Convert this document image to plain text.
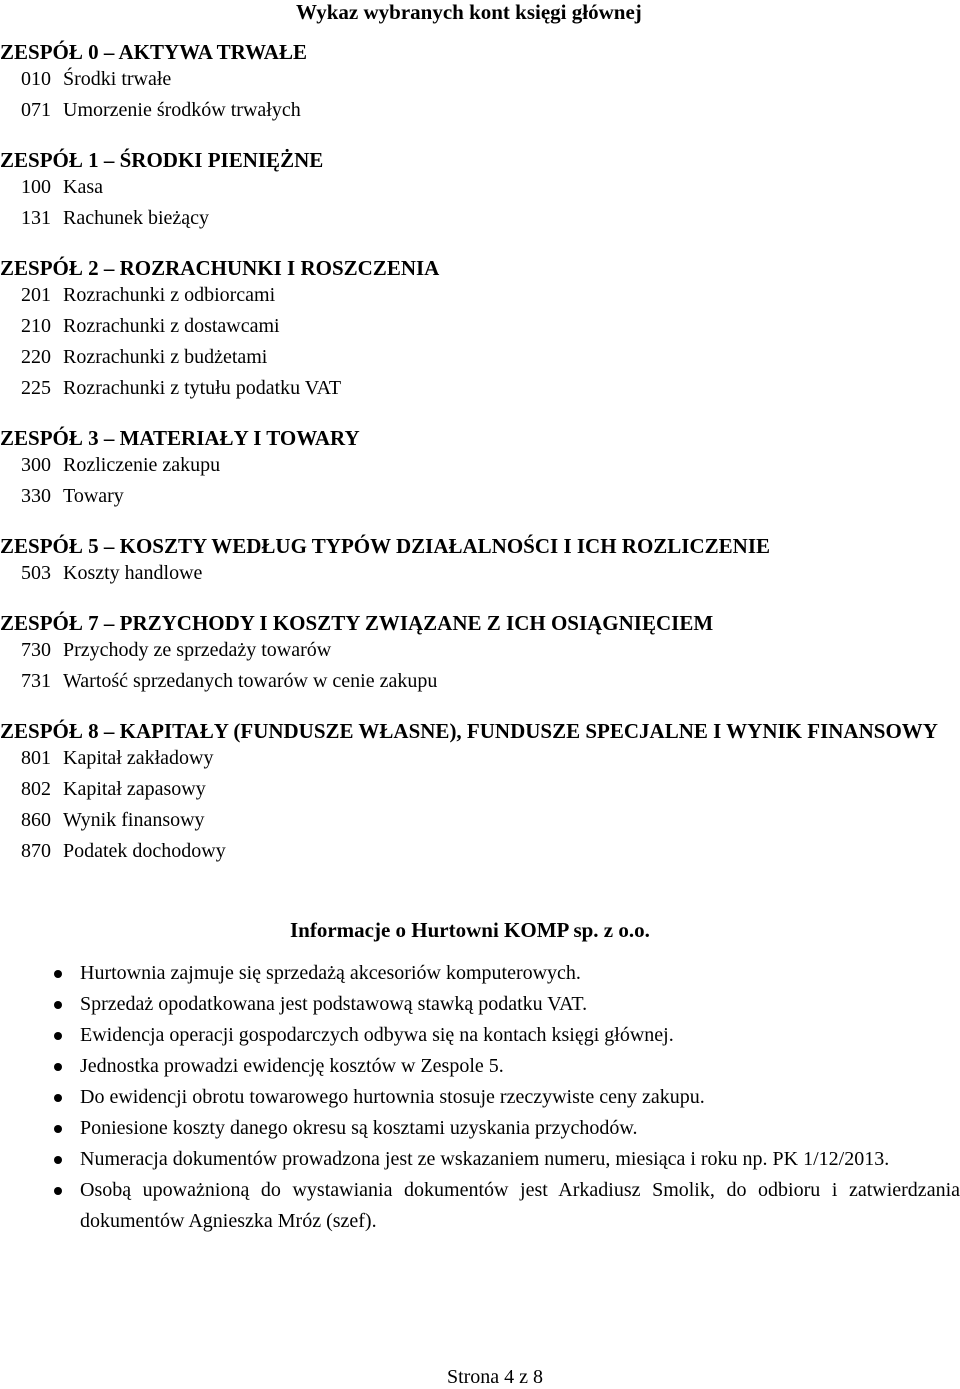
Wykaz wybranych kont księgi głównej
ZESPÓŁ 0 – AKTYWA TRWAŁE
010 Środki trwałe
071 Umorzenie środków trwałych
ZESPÓŁ 1 – ŚRODKI PIENIĘŻNE
100 Kasa
131 Rachunek bieżący
ZESPÓŁ 2 – ROZRACHUNKI I ROSZCZENIA
201 Rozrachunki z odbiorcami
210 Rozrachunki z dostawcami
220 Rozrachunki z budżetami
225 Rozrachunki z tytułu podatku VAT
ZESPÓŁ 3 – MATERIAŁY I TOWARY
300 Rozliczenie zakupu
330 Towary
ZESPÓŁ 5 – KOSZTY WEDŁUG TYPÓW DZIAŁALNOŚCI I ICH ROZLICZENIE
503 Koszty handlowe
ZESPÓŁ 7 – PRZYCHODY I KOSZTY ZWIĄZANE Z ICH OSIĄGNIĘCIEM
730 Przychody ze sprzedaży towarów
731 Wartość sprzedanych towarów w cenie zakupu
ZESPÓŁ 8 – KAPITAŁY (FUNDUSZE WŁASNE), FUNDUSZE SPECJALNE I WYNIK FINANSOWY
801 Kapitał zakładowy
802 Kapitał zapasowy
860 Wynik finansowy
870 Podatek dochodowy
Informacje o Hurtowni KOMP sp. z o.o.
Hurtownia zajmuje się sprzedażą akcesoriów komputerowych.
Sprzedaż opodatkowana jest podstawową stawką podatku VAT.
Ewidencja operacji gospodarczych odbywa się na kontach księgi głównej.
Jednostka prowadzi ewidencję kosztów w Zespole 5.
Do ewidencji obrotu towarowego hurtownia stosuje rzeczywiste ceny zakupu.
Poniesione koszty danego okresu są kosztami uzyskania przychodów.
Numeracja dokumentów prowadzona jest ze wskazaniem numeru, miesiąca i roku np. PK 1/12/2013.
Osobą upoważnioną do wystawiania dokumentów jest Arkadiusz Smolik, do odbioru i zatwierdzania dokumentów Agnieszka Mróz (szef).
Strona 4 z 8
